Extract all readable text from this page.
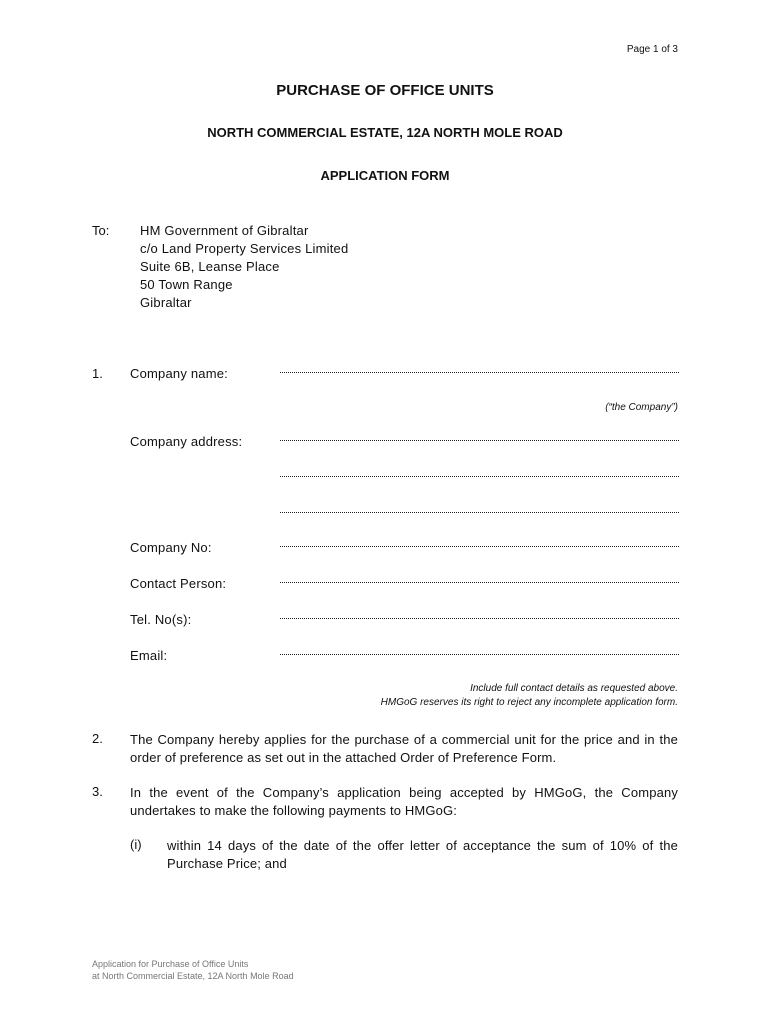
Page 1 of 3
PURCHASE OF OFFICE UNITS
NORTH COMMERCIAL ESTATE, 12A NORTH MOLE ROAD
APPLICATION FORM
To: HM Government of Gibraltar
c/o Land Property Services Limited
Suite 6B, Leanse Place
50 Town Range
Gibraltar
1. Company name:
(“the Company”)
Company address:
Company No:
Contact Person:
Tel. No(s):
Email:
Include full contact details as requested above.
HMGoG reserves its right to reject any incomplete application form.
2. The Company hereby applies for the purchase of a commercial unit for the price and in the order of preference as set out in the attached Order of Preference Form.
3. In the event of the Company’s application being accepted by HMGoG, the Company undertakes to make the following payments to HMGoG:
(i) within 14 days of the date of the offer letter of acceptance the sum of 10% of the Purchase Price; and
Application for Purchase of Office Units
at North Commercial Estate, 12A North Mole Road
